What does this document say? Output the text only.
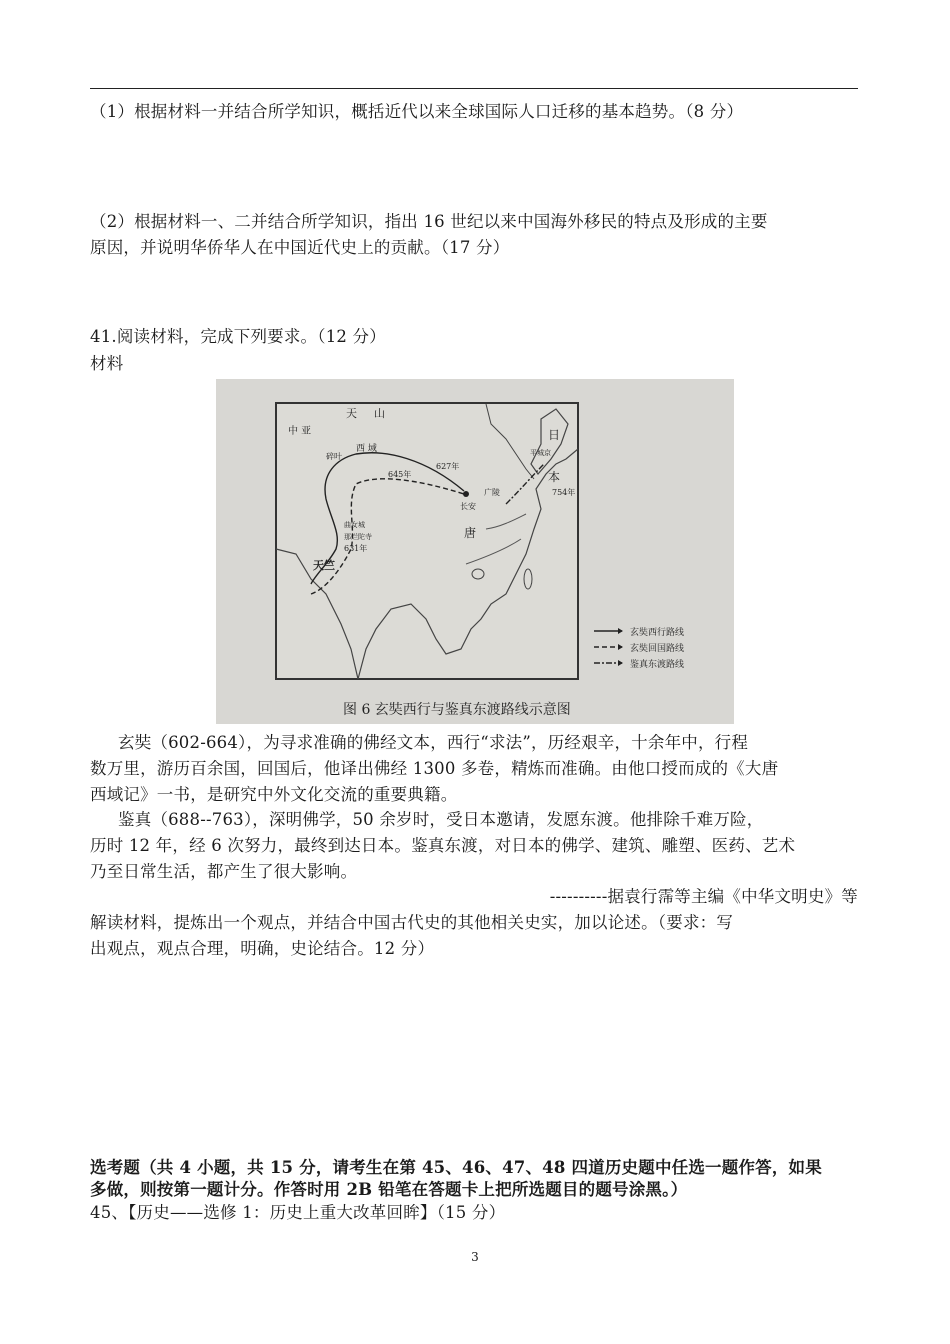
（1）根据材料一并结合所学知识，概括近代以来全球国际人口迁移的基本趋势。（8 分）
（2）根据材料一、二并结合所学知识，指出 16 世纪以来中国海外移民的特点及形成的主要
原因，并说明华侨华人在中国近代史上的贡献。（17 分）
41.阅读材料，完成下列要求。（12 分）
材料
中 亚
天 山
碎叶
西 域
627年
645年
长安
广陵
唐
日
本
平城京
754年
曲女城
那烂陀寺
631年
天竺
玄奘西行路线
玄奘回国路线
鉴真东渡路线
图 6 玄奘西行与鉴真东渡路线示意图
玄奘（602-664），为寻求准确的佛经文本，西行“求法”，历经艰辛，十余年中，行程
数万里，游历百余国，回国后，他译出佛经 1300 多卷，精炼而准确。由他口授而成的《大唐
西域记》一书，是研究中外文化交流的重要典籍。
鉴真（688--763），深明佛学，50 余岁时，受日本邀请，发愿东渡。他排除千难万险，
历时 12 年，经 6 次努力，最终到达日本。鉴真东渡，对日本的佛学、建筑、雕塑、医药、艺术
乃至日常生活，都产生了很大影响。
----------据袁行霈等主编《中华文明史》等
解读材料，提炼出一个观点，并结合中国古代史的其他相关史实，加以论述。（要求：写
出观点，观点合理，明确，史论结合。12 分）
选考题（共 4 小题，共 15 分，请考生在第 45、46、47、48 四道历史题中任选一题作答，如果
多做，则按第一题计分。作答时用 2B 铅笔在答题卡上把所选题目的题号涂黑。）
45、【历史——选修 1：历史上重大改革回眸】（15 分）
3
